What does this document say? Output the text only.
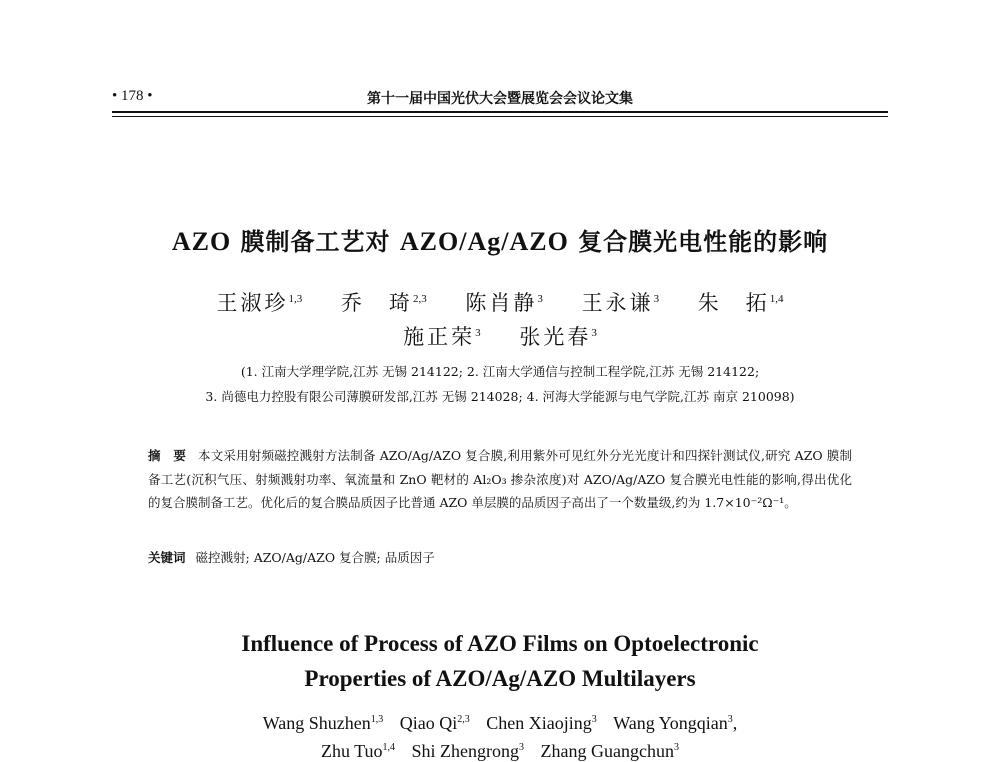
• 178 •	第十一届中国光伏大会暨展览会会议论文集
AZO 膜制备工艺对 AZO/Ag/AZO 复合膜光电性能的影响
王淑珍$^{1,3}$ 乔　琦$^{2,3}$ 陈肖静$^3$ 王永谦$^3$ 朱　拓$^{1,4}$
施正荣$^3$ 张光春$^3$
(1. 江南大学理学院,江苏 无锡 214122; 2. 江南大学通信与控制工程学院,江苏 无锡 214122;
3. 尚德电力控股有限公司薄膜研发部,江苏 无锡 214028; 4. 河海大学能源与电气学院,江苏 南京 210098)
摘　要 本文采用射频磁控溅射方法制备 AZO/Ag/AZO 复合膜,利用紫外可见红外分光光度计和四探针测试仪,研究 AZO 膜制备工艺(沉积气压、射频溅射功率、氧流量和 ZnO 靶材的 Al₂O₃ 掺杂浓度)对 AZO/Ag/AZO 复合膜光电性能的影响,得出优化的复合膜制备工艺。优化后的复合膜品质因子比普通 AZO 单层膜的品质因子高出了一个数量级,约为 1.7×10⁻²Ω⁻¹。
关键词 磁控溅射; AZO/Ag/AZO 复合膜; 品质因子
Influence of Process of AZO Films on Optoelectronic
Properties of AZO/Ag/AZO Multilayers
Wang Shuzhen$^{1,3}$ Qiao Qi$^{2,3}$ Chen Xiaojing$^3$ Wang Yongqian$^3$,
Zhu Tuo$^{1,4}$ Shi Zhengrong$^3$ Zhang Guangchun$^3$
